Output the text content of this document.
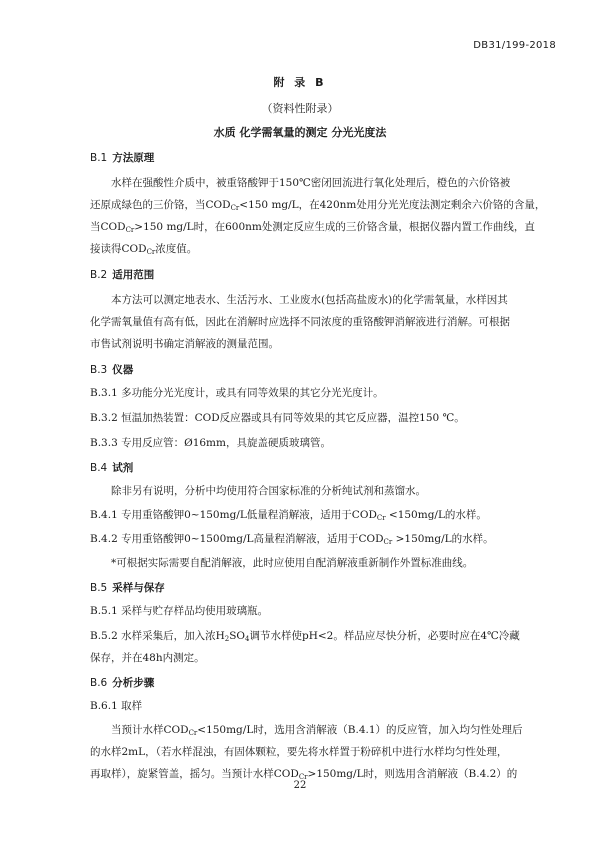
DB31/199-2018
附 录 B
（资料性附录）
水质 化学需氧量的测定 分光光度法
B.1 方法原理
水样在强酸性介质中，被重铬酸钾于150℃密闭回流进行氧化处理后，橙色的六价铬被
还原成绿色的三价铬，当$COD_{Cr}<150$ mg/L，在420nm处用分光光度法测定剩余六价铬的含量，
当$COD_{Cr}>150$ mg/L时，在600nm处测定反应生成的三价铬含量，根据仪器内置工作曲线，直
接读得$COD_{Cr}$浓度值。
B.2 适用范围
本方法可以测定地表水、生活污水、工业废水(包括高盐废水)的化学需氧量，水样因其
化学需氧量值有高有低，因此在消解时应选择不同浓度的重铬酸钾消解液进行消解。可根据
市售试剂说明书确定消解液的测量范围。
B.3 仪器
B.3.1 多功能分光光度计，或具有同等效果的其它分光光度计。
B.3.2 恒温加热装置：COD反应器或具有同等效果的其它反应器，温控150 ℃。
B.3.3 专用反应管：Ø16mm，具旋盖硬质玻璃管。
B.4 试剂
除非另有说明，分析中均使用符合国家标准的分析纯试剂和蒸馏水。
B.4.1 专用重铬酸钾0~150mg/L低量程消解液，适用于$COD_{Cr} <150mg/L$的水样。
B.4.2 专用重铬酸钾0~1500mg/L高量程消解液，适用于$COD_{Cr} >150mg/L$的水样。
*可根据实际需要自配消解液，此时应使用自配消解液重新制作外置标准曲线。
B.5 采样与保存
B.5.1 采样与贮存样品均使用玻璃瓶。
B.5.2 水样采集后，加入浓$H_2SO_4$调节水样使pH<2。样品应尽快分析，必要时应在4℃冷藏
保存，并在48h内测定。
B.6 分析步骤
B.6.1 取样
当预计水样$COD_{Cr}<150mg/L$时，选用含消解液（B.4.1）的反应管，加入均匀性处理后
的水样2mL，（若水样混浊，有固体颗粒，要先将水样置于粉碎机中进行水样均匀性处理，
再取样），旋紧管盖，摇匀。当预计水样$COD_{Cr}>150mg/L$时，则选用含消解液（B.4.2）的
22
